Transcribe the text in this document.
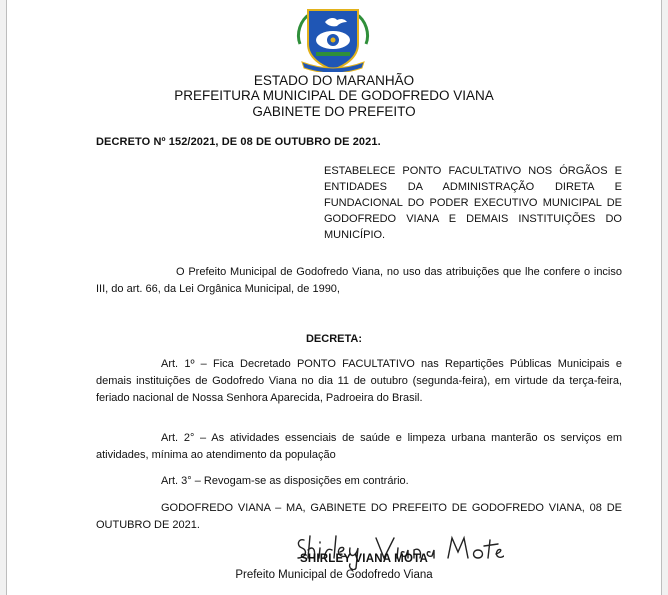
ESTADO DO MARANHÃO
PREFEITURA MUNICIPAL DE GODOFREDO VIANA
GABINETE DO PREFEITO
DECRETO Nº 152/2021, DE 08 DE OUTUBRO DE 2021.
ESTABELECE PONTO FACULTATIVO NOS ÓRGÃOS E ENTIDADES DA ADMINISTRAÇÃO DIRETA E FUNDACIONAL DO PODER EXECUTIVO MUNICIPAL DE GODOFREDO VIANA E DEMAIS INSTITUIÇÕES DO MUNICÍPIO.
O Prefeito Municipal de Godofredo Viana, no uso das atribuições que lhe confere o inciso III, do art. 66, da Lei Orgânica Municipal, de 1990,
DECRETA:
Art. 1º – Fica Decretado PONTO FACULTATIVO nas Repartições Públicas Municipais e demais instituições de Godofredo Viana no dia 11 de outubro (segunda-feira), em virtude da terça-feira, feriado nacional de Nossa Senhora Aparecida, Padroeira do Brasil.
Art. 2° – As atividades essenciais de saúde e limpeza urbana manterão os serviços em atividades, mínima ao atendimento da população
Art. 3° – Revogam-se as disposições em contrário.
GODOFREDO VIANA – MA, GABINETE DO PREFEITO DE GODOFREDO VIANA, 08 DE OUTUBRO DE 2021.
SHIRLEY VIANA MOTA
Prefeito Municipal de Godofredo Viana
